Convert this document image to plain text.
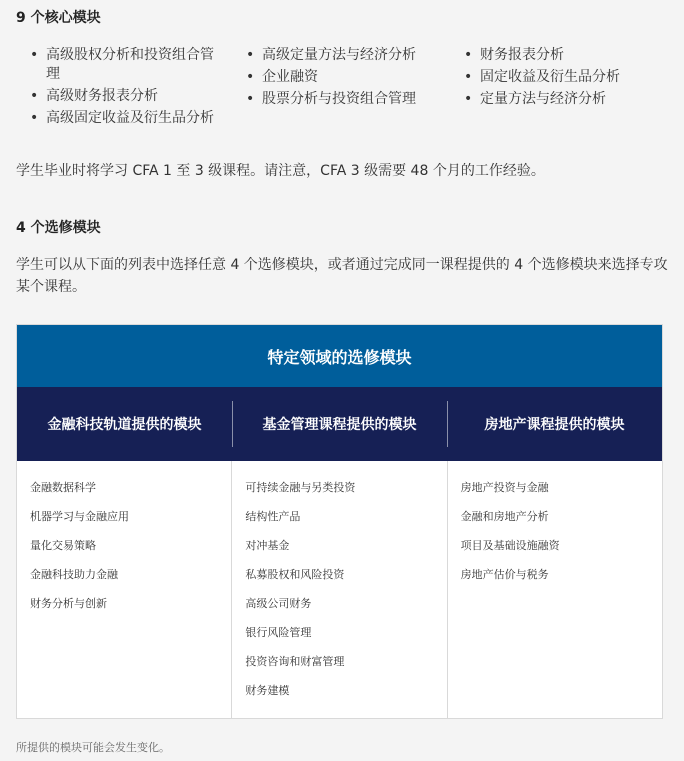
9 个核心模块
• 高级股权分析和投资组合管理
• 高级财务报表分析
• 高级固定收益及衍生品分析
• 高级定量方法与经济分析
• 企业融资
• 股票分析与投资组合管理
• 财务报表分析
• 固定收益及衍生品分析
• 定量方法与经济分析
学生毕业时将学习 CFA 1 至 3 级课程。请注意，CFA 3 级需要 48 个月的工作经验。
4 个选修模块
学生可以从下面的列表中选择任意 4 个选修模块，或者通过完成同一课程提供的 4 个选修模块来选择专攻某个课程。
特定领域的选修模块
金融科技轨道提供的模块	基金管理课程提供的模块	房地产课程提供的模块
金融数据科学
机器学习与金融应用
量化交易策略
金融科技助力金融
财务分析与创新
可持续金融与另类投资
结构性产品
对冲基金
私募股权和风险投资
高级公司财务
银行风险管理
投资咨询和财富管理
财务建模
房地产投资与金融
金融和房地产分析
项目及基础设施融资
房地产估价与税务
所提供的模块可能会发生变化。
